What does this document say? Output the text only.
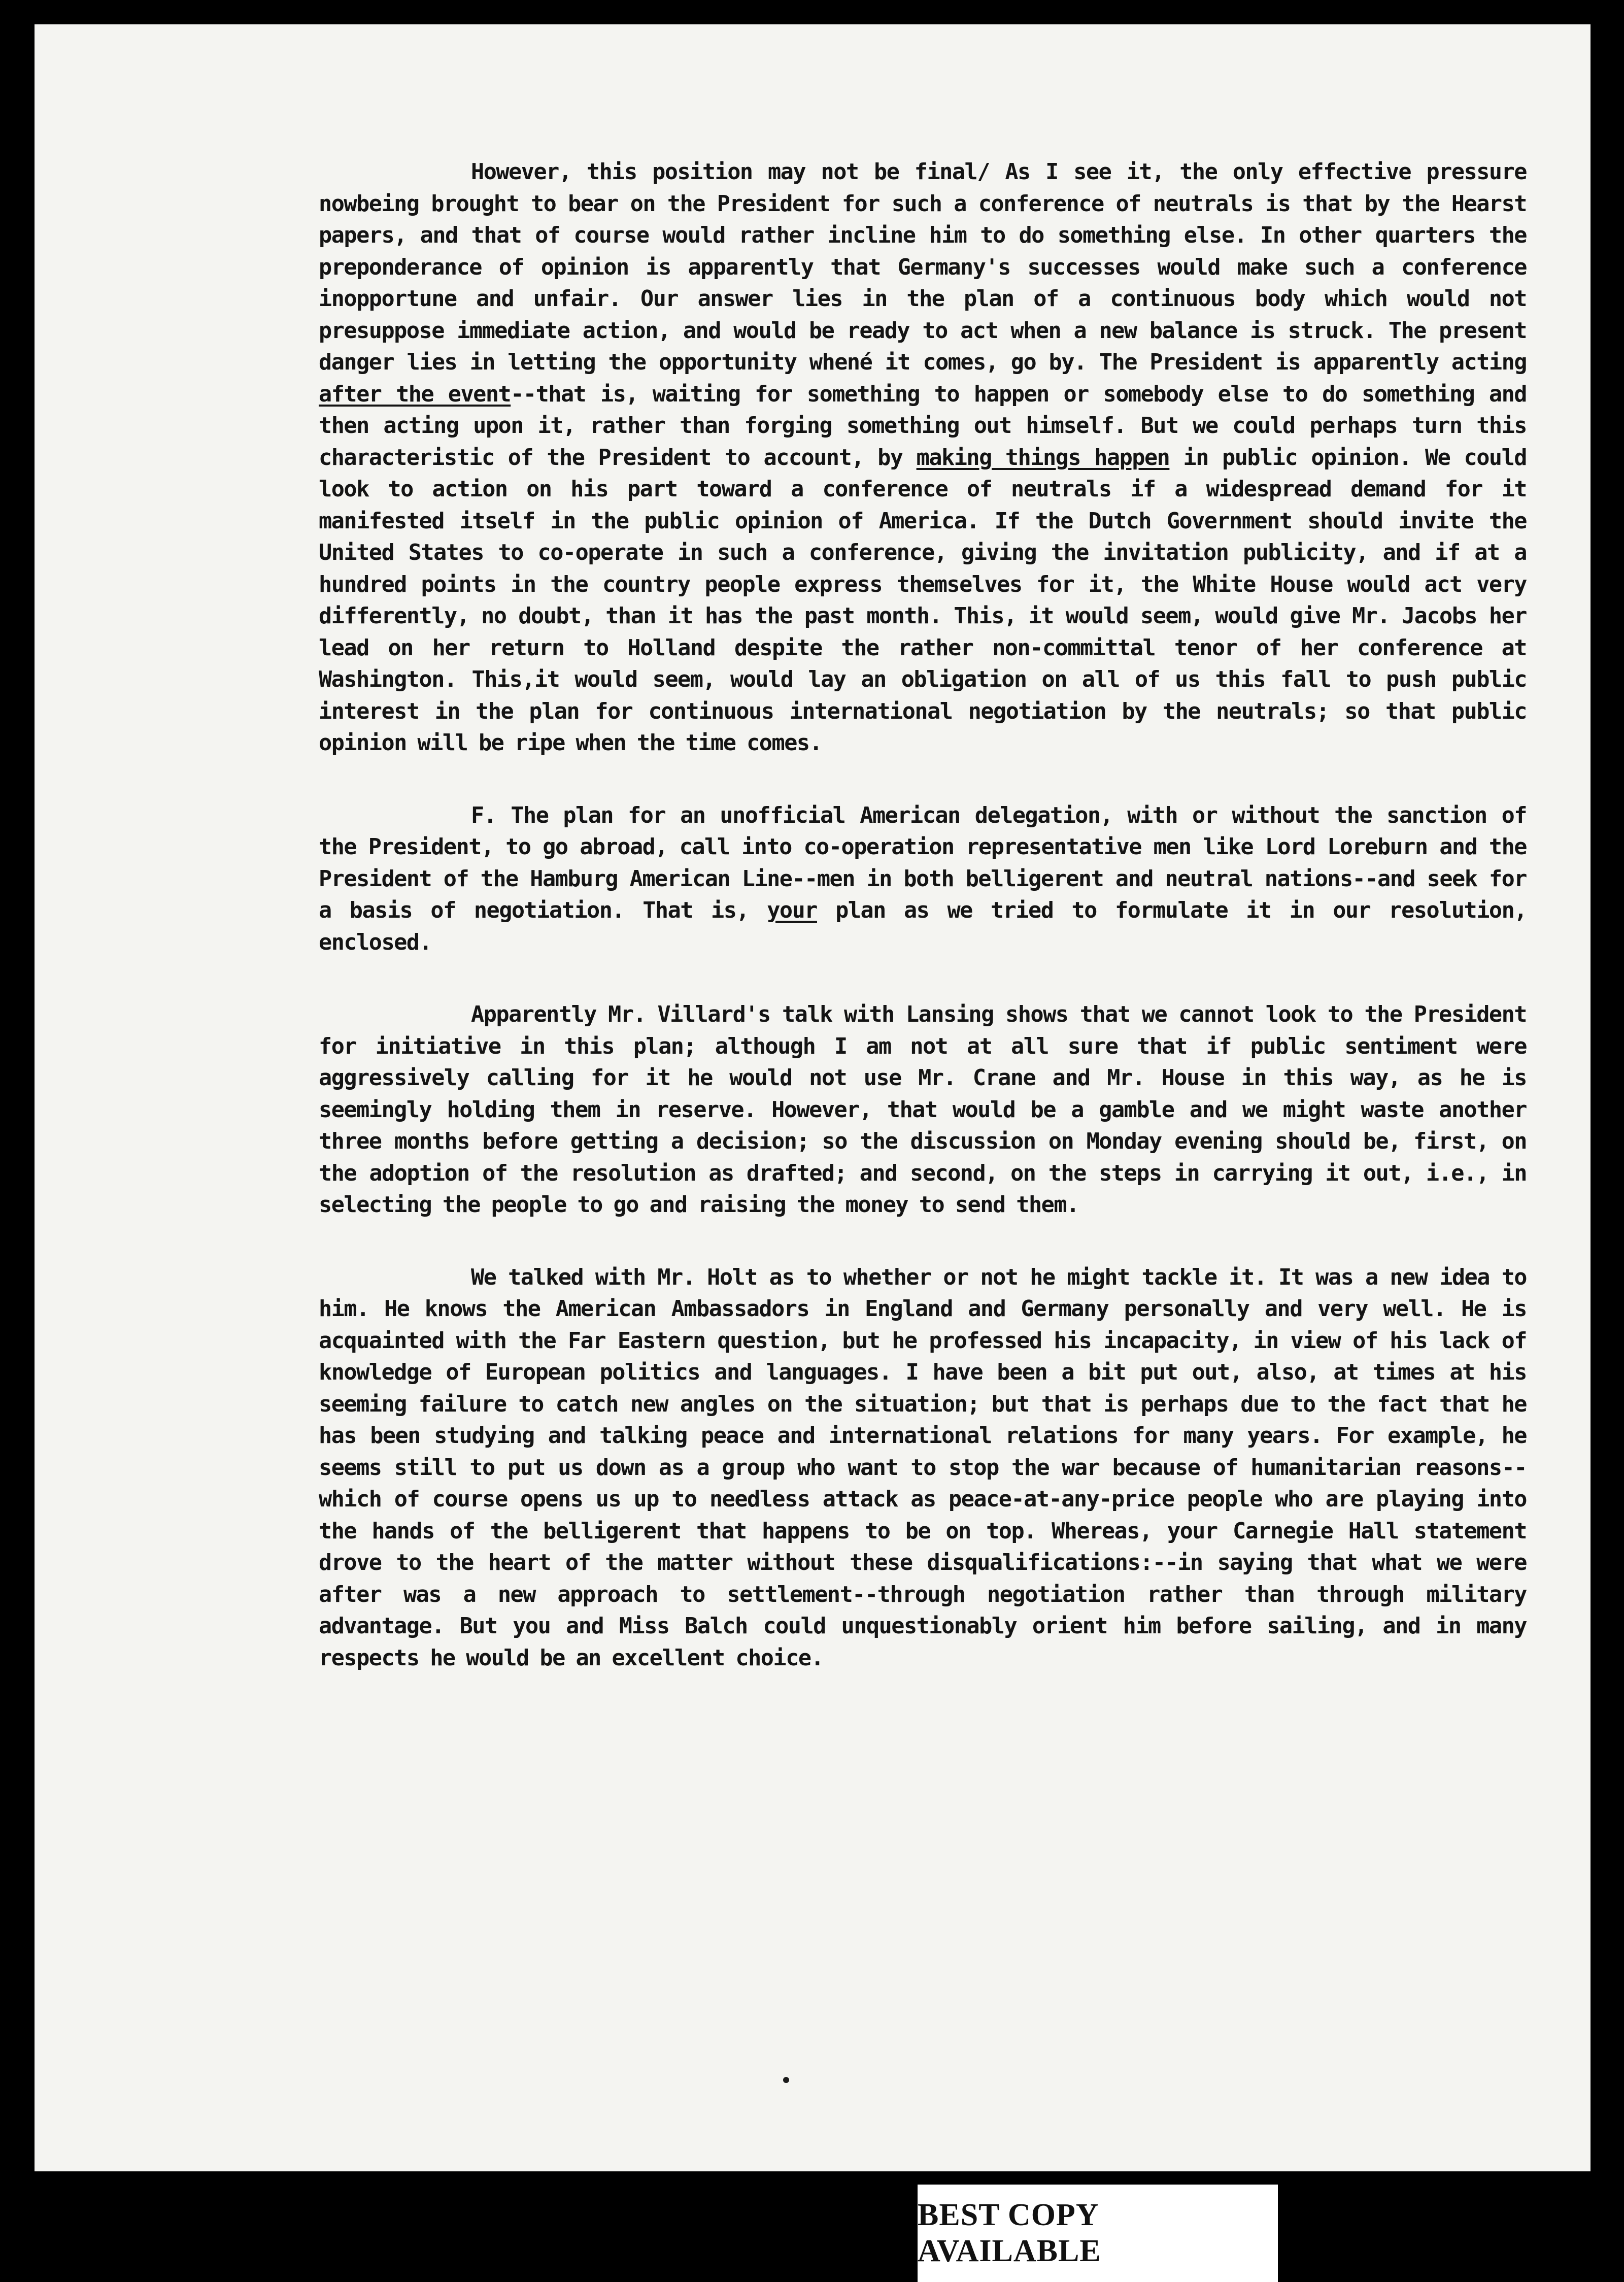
However, this position may not be final/ As I see it, the only effective pressure nowbeing brought to bear on the President for such a conference of neutrals is that by the Hearst papers, and that of course would rather incline him to do something else. In other quarters the preponderance of opinion is apparently that Germany's successes would make such a conference inopportune and unfair. Our answer lies in the plan of a continuous body which would not presuppose immediate action, and would be ready to act when a new balance is struck. The present danger lies in letting the opportunity whené it comes, go by. The President is apparently acting after the event--that is, waiting for something to happen or somebody else to do something and then acting upon it, rather than forging something out himself. But we could perhaps turn this characteristic of the President to account, by making things happen in public opinion. We could look to action on his part toward a conference of neutrals if a widespread demand for it manifested itself in the public opinion of America. If the Dutch Government should invite the United States to co-operate in such a conference, giving the invitation publicity, and if at a hundred points in the country people express themselves for it, the White House would act very differently, no doubt, than it has the past month. This, it would seem, would give Mr. Jacobs her lead on her return to Holland despite the rather non-committal tenor of her conference at Washington. This,it would seem, would lay an obligation on all of us this fall to push public interest in the plan for continuous international negotiation by the neutrals; so that public opinion will be ripe when the time comes.

F. The plan for an unofficial American delegation, with or without the sanction of the President, to go abroad, call into co-operation representative men like Lord Loreburn and the President of the Hamburg American Line--men in both belligerent and neutral nations--and seek for a basis of negotiation. That is, your plan as we tried to formulate it in our resolution, enclosed.

Apparently Mr. Villard's talk with Lansing shows that we cannot look to the President for initiative in this plan; although I am not at all sure that if public sentiment were aggressively calling for it he would not use Mr. Crane and Mr. House in this way, as he is seemingly holding them in reserve. However, that would be a gamble and we might waste another three months before getting a decision; so the discussion on Monday evening should be, first, on the adoption of the resolution as drafted; and second, on the steps in carrying it out, i.e., in selecting the people to go and raising the money to send them.

We talked with Mr. Holt as to whether or not he might tackle it. It was a new idea to him. He knows the American Ambassadors in England and Germany personally and very well. He is acquainted with the Far Eastern question, but he professed his incapacity, in view of his lack of knowledge of European politics and languages. I have been a bit put out, also, at times at his seeming failure to catch new angles on the situation; but that is perhaps due to the fact that he has been studying and talking peace and international relations for many years. For example, he seems still to put us down as a group who want to stop the war because of humanitarian reasons--which of course opens us up to needless attack as peace-at-any-price people who are playing into the hands of the belligerent that happens to be on top. Whereas, your Carnegie Hall statement drove to the heart of the matter without these disqualifications:--in saying that what we were after was a new approach to settlement--through negotiation rather than through military advantage. But you and Miss Balch could unquestionably orient him before sailing, and in many respects he would be an excellent choice.

BEST COPY AVAILABLE
